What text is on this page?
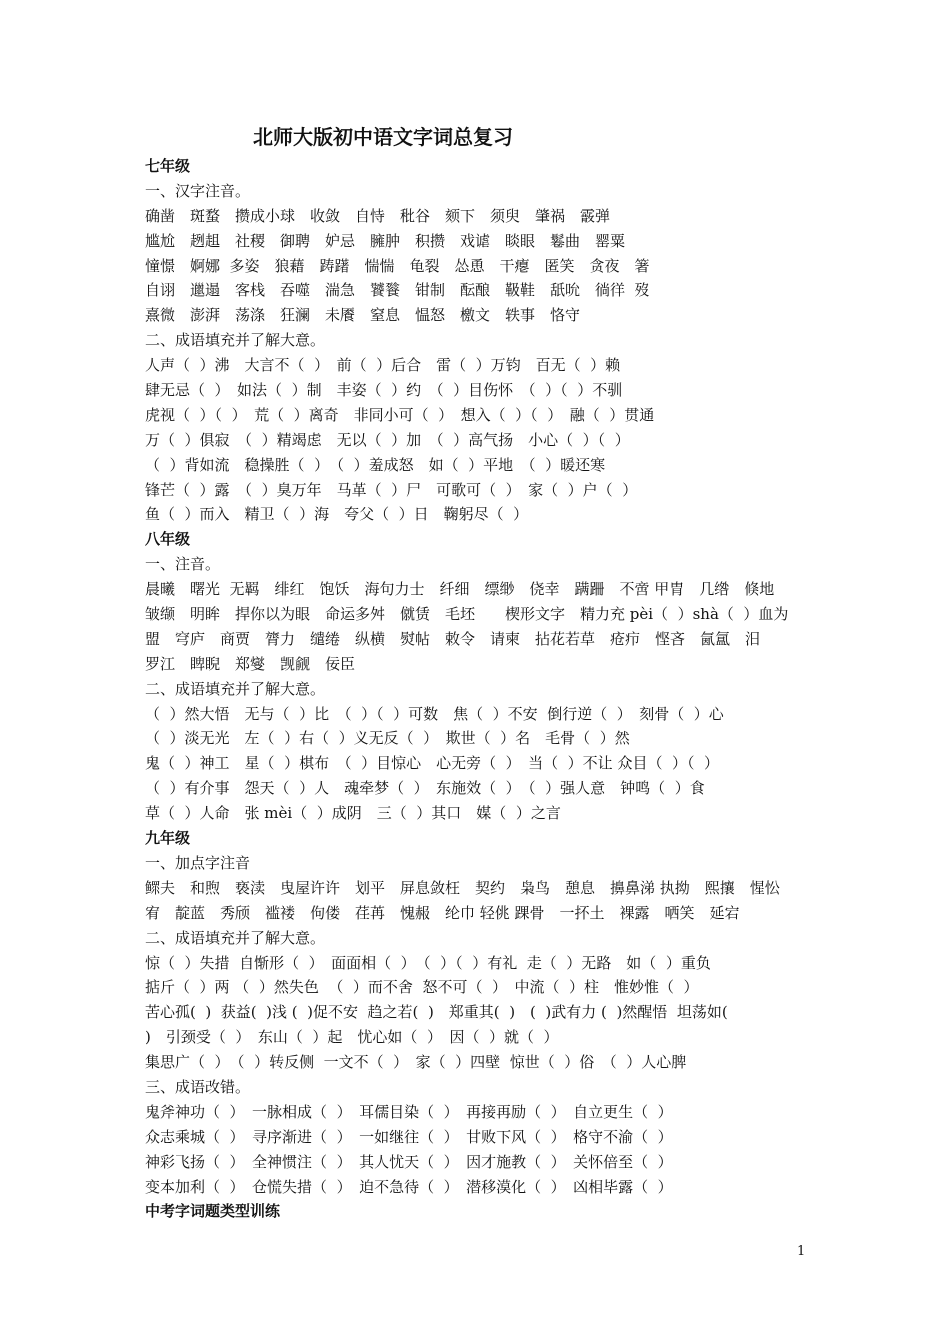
北师大版初中语文字词总复习
七年级
一、汉字注音。
确凿　斑蝥　攒成小球　收敛　自恃　秕谷　颏下　须臾　肇祸　霰弹
尴尬　趔趄　社稷　御聘　妒忌　臃肿　积攒　戏谑　睒眼　鬈曲　罂粟
憧憬　婀娜  多姿　狼藉　踌躇　惴惴　龟裂　怂恿　干瘪　匿笑　贪夜　箸
自诩　邋遢　客栈　吞噬　湍急　饕餮　钳制　酝酿　靸鞋　舐吮　徜徉  歿
熹微　澎湃　荡涤　狂澜　未餍　窒息　愠怒　檄文　轶事　恪守
二、成语填充并了解大意。
人声（  ）沸　大言不（  ）　前（  ）后合　雷（  ）万钧　百无（  ）赖
肆无忌（  ）　如法（  ）制　丰姿（  ）约　（  ）目伤怀　（  ）（  ）不驯
虎视（  ）（  ）　荒（  ）离奇　非同小可（  ）　想入（  ）（  ）　融（  ）贯通
万（  ）俱寂　（  ）精竭虑　无以（  ）加　（  ）高气扬　小心（  ）（  ）
（  ）背如流　稳操胜（  ）　（  ）羞成怒　如（  ）平地　（  ）暖还寒
锋芒（  ）露　（  ）臭万年　马革（  ）尸　可歌可（  ）　家（  ）户（  ）
鱼（  ）而入　精卫（  ）海　夸父（  ）日　鞠躬尽（  ）
八年级
一、注音。
晨曦　曙光  无羁　绯红　饱饫　海句力士　纤细　缥缈　侥幸　蹒跚　不啻 甲胄　几绺　倏地
皱缬　明眸　捍你以为眼　命运多舛　僦赁　毛坯　　楔形文字　精力充 pèi（  ）shà（  ）血为
盟　穹庐　商贾　膂力　缱绻　纵横　熨帖　敕令　请柬　拈花若草　疮疖　悭吝　氤氲　汨
罗江　睥睨　郑燮　觊觎　佞臣
二、成语填充并了解大意。
（  ）然大悟　无与（  ）比　（  ）（  ）可数　焦（  ）不安  倒行逆（  ）　刻骨（  ）心
（  ）淡无光　左（  ）右（  ）义无反（  ）　欺世（  ）名　毛骨（  ）然
鬼（  ）神工　星（  ）棋布　（  ）目惊心　心无旁（  ）　当（  ）不让 众目（  ）（  ）
（  ）有介事　怨天（  ）人　魂牵梦（  ）　东施效（  ）　（  ）强人意　钟鸣（  ）食
草（  ）人命　张 mèi（  ）成阴　三（  ）其口　媒（  ）之言
九年级
一、加点字注音
鳏夫　和煦　亵渎　曳屋许许　划平　屏息敛枉　契约　枭鸟　憩息　擤鼻涕 执拗　熙攘　惺忪
宥　靛蓝　秀颀　褴褛　佝偻　荏苒　愧赧　纶巾 轻佻 踝骨　一抔土　裸露　哂笑　延宕
二、成语填充并了解大意。
惊（  ）失措  自惭形（  ）　面面相（  ）　（  ）（  ）有礼  走（  ）无路　如（  ）重负
掂斤（  ）两 （  ）然失色  （  ）而不舍  怒不可（  ）　中流（  ）柱　惟妙惟（  ）
苦心孤(  )  获益(  )浅 (  )促不安  趋之若(  )　郑重其(  )　(  )武有力 (  )然醒悟  坦荡如(
)　引颈受（  ）　东山（  ）起　忧心如（  ）　因（  ）就（  ）
集思广（  ）　（  ）转反侧  一文不（  ）　家（  ）四壁  惊世（  ）俗　（  ）人心脾
三、成语改错。
鬼斧神功（  ）　一脉相成（  ）　耳儒目染（  ）　再接再励（  ）　自立更生（  ）
众志乘城（  ）　寻序渐进（  ）　一如继往（  ）　甘败下风（  ）　格守不渝（  ）
神彩飞扬（  ）　全神惯注（  ）　其人忧天（  ）　因才施教（  ）　关怀倍至（  ）
变本加利（  ）　仓慌失措（  ）　迫不急待（  ）　潜移漠化（  ）　凶相毕露（  ）
中考字词题类型训练
1
